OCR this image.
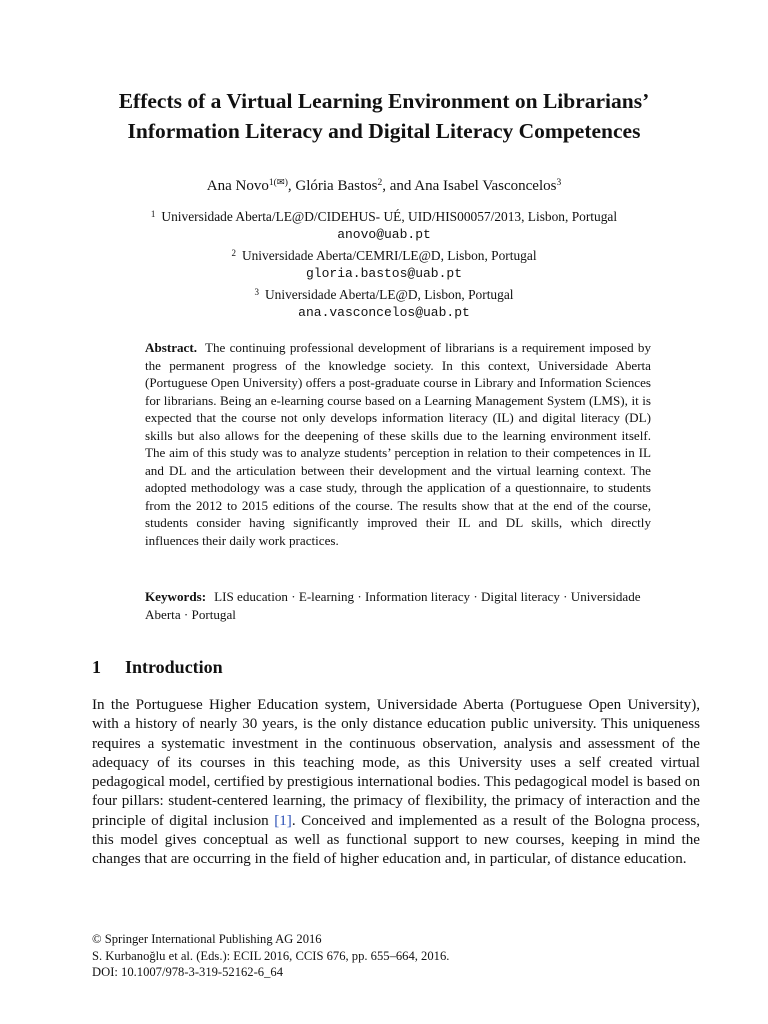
Effects of a Virtual Learning Environment on Librarians’
Information Literacy and Digital Literacy Competences
Ana Novo$^{1(✉)}$, Glória Bastos$^2$, and Ana Isabel Vasconcelos$^3$
$^1$ Universidade Aberta/LE@D/CIDEHUS- UÉ, UID/HIS00057/2013, Lisbon, Portugal
anovo@uab.pt
$^2$ Universidade Aberta/CEMRI/LE@D, Lisbon, Portugal
gloria.bastos@uab.pt
$^3$ Universidade Aberta/LE@D, Lisbon, Portugal
ana.vasconcelos@uab.pt
Abstract. The continuing professional development of librarians is a requirement imposed by the permanent progress of the knowledge society. In this context, Universidade Aberta (Portuguese Open University) offers a post-graduate course in Library and Information Sciences for librarians. Being an e-learning course based on a Learning Management System (LMS), it is expected that the course not only develops information literacy (IL) and digital literacy (DL) skills but also allows for the deepening of these skills due to the learning environment itself. The aim of this study was to analyze students’ perception in relation to their competences in IL and DL and the articulation between their development and the virtual learning context. The adopted methodology was a case study, through the application of a questionnaire, to students from the 2012 to 2015 editions of the course. The results show that at the end of the course, students consider having significantly improved their IL and DL skills, which directly influences their daily work practices.
Keywords: LIS education · E-learning · Information literacy · Digital literacy · Universidade Aberta · Portugal
1 Introduction
In the Portuguese Higher Education system, Universidade Aberta (Portuguese Open University), with a history of nearly 30 years, is the only distance education public university. This uniqueness requires a systematic investment in the continuous observation, analysis and assessment of the adequacy of its courses in this teaching mode, as this University uses a self created virtual pedagogical model, certified by prestigious international bodies. This pedagogical model is based on four pillars: student-centered learning, the primacy of flexibility, the primacy of interaction and the principle of digital inclusion [1]. Conceived and implemented as a result of the Bologna process, this model gives conceptual as well as functional support to new courses, keeping in mind the changes that are occurring in the field of higher education and, in particular, of distance education.
© Springer International Publishing AG 2016
S. Kurbanoğlu et al. (Eds.): ECIL 2016, CCIS 676, pp. 655–664, 2016.
DOI: 10.1007/978-3-319-52162-6_64
